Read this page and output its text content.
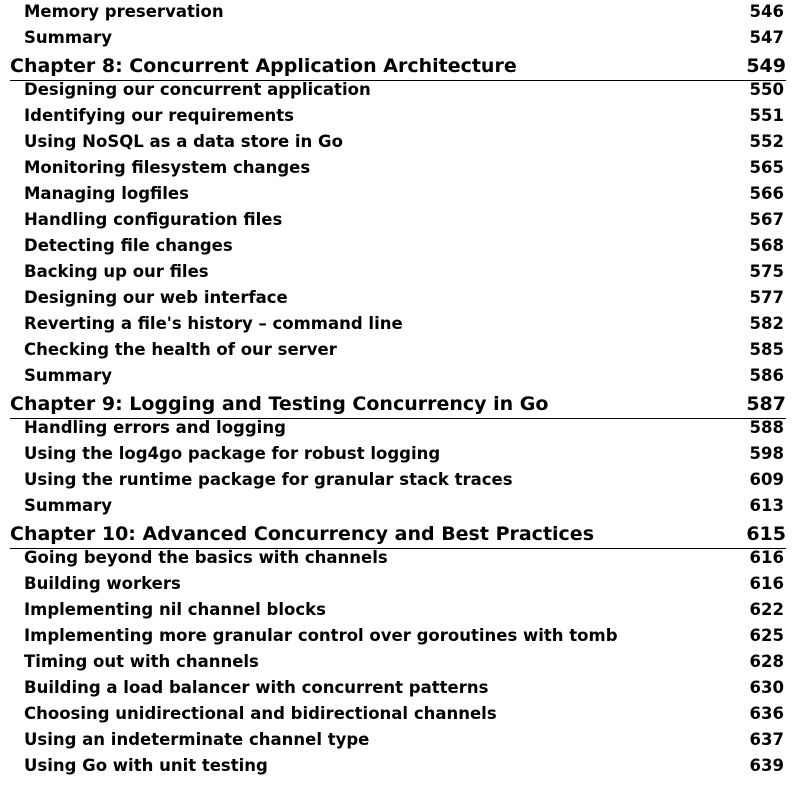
Memory preservation	546
Summary	547
Chapter 8: Concurrent Application Architecture	549
Designing our concurrent application	550
Identifying our requirements	551
Using NoSQL as a data store in Go	552
Monitoring filesystem changes	565
Managing logfiles	566
Handling configuration files	567
Detecting file changes	568
Backing up our files	575
Designing our web interface	577
Reverting a file's history – command line	582
Checking the health of our server	585
Summary	586
Chapter 9: Logging and Testing Concurrency in Go	587
Handling errors and logging	588
Using the log4go package for robust logging	598
Using the runtime package for granular stack traces	609
Summary	613
Chapter 10: Advanced Concurrency and Best Practices	615
Going beyond the basics with channels	616
Building workers	616
Implementing nil channel blocks	622
Implementing more granular control over goroutines with tomb	625
Timing out with channels	628
Building a load balancer with concurrent patterns	630
Choosing unidirectional and bidirectional channels	636
Using an indeterminate channel type	637
Using Go with unit testing	639
